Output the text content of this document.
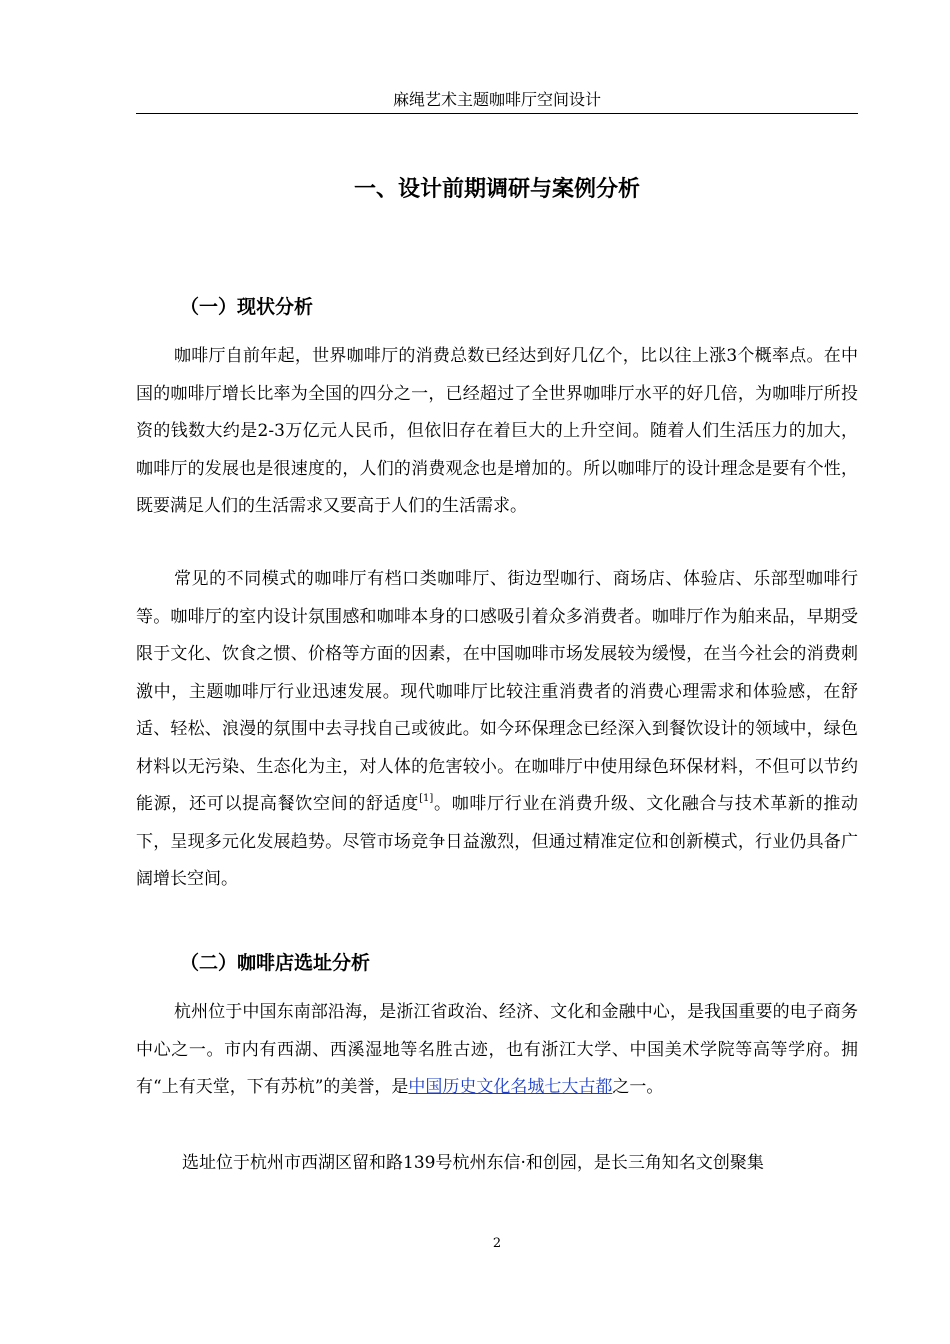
麻绳艺术主题咖啡厅空间设计
一、设计前期调研与案例分析
（一）现状分析
咖啡厅自前年起，世界咖啡厅的消费总数已经达到好几亿个，比以往上涨3个概率点。在中国的咖啡厅增长比率为全国的四分之一，已经超过了全世界咖啡厅水平的好几倍，为咖啡厅所投资的钱数大约是2-3万亿元人民币，但依旧存在着巨大的上升空间。随着人们生活压力的加大，咖啡厅的发展也是很速度的，人们的消费观念也是增加的。所以咖啡厅的设计理念是要有个性，既要满足人们的生活需求又要高于人们的生活需求。
常见的不同模式的咖啡厅有档口类咖啡厅、街边型咖行、商场店、体验店、乐部型咖啡行等。咖啡厅的室内设计氛围感和咖啡本身的口感吸引着众多消费者。咖啡厅作为舶来品，早期受限于文化、饮食之惯、价格等方面的因素，在中国咖啡市场发展较为缓慢，在当今社会的消费刺激中，主题咖啡厅行业迅速发展。现代咖啡厅比较注重消费者的消费心理需求和体验感，在舒适、轻松、浪漫的氛围中去寻找自己或彼此。如今环保理念已经深入到餐饮设计的领域中，绿色材料以无污染、生态化为主，对人体的危害较小。在咖啡厅中使用绿色环保材料，不但可以节约能源，还可以提高餐饮空间的舒适度[1]。咖啡厅行业在消费升级、文化融合与技术革新的推动下，呈现多元化发展趋势。尽管市场竞争日益激烈，但通过精准定位和创新模式，行业仍具备广阔增长空间。
（二）咖啡店选址分析
杭州位于中国东南部沿海，是浙江省政治、经济、文化和金融中心，是我国重要的电子商务中心之一。市内有西湖、西溪湿地等名胜古迹，也有浙江大学、中国美术学院等高等学府。拥有“上有天堂，下有苏杭”的美誉，是中国历史文化名城七大古都之一。
选址位于杭州市西湖区留和路139号杭州东信·和创园，是长三角知名文创聚集
2
